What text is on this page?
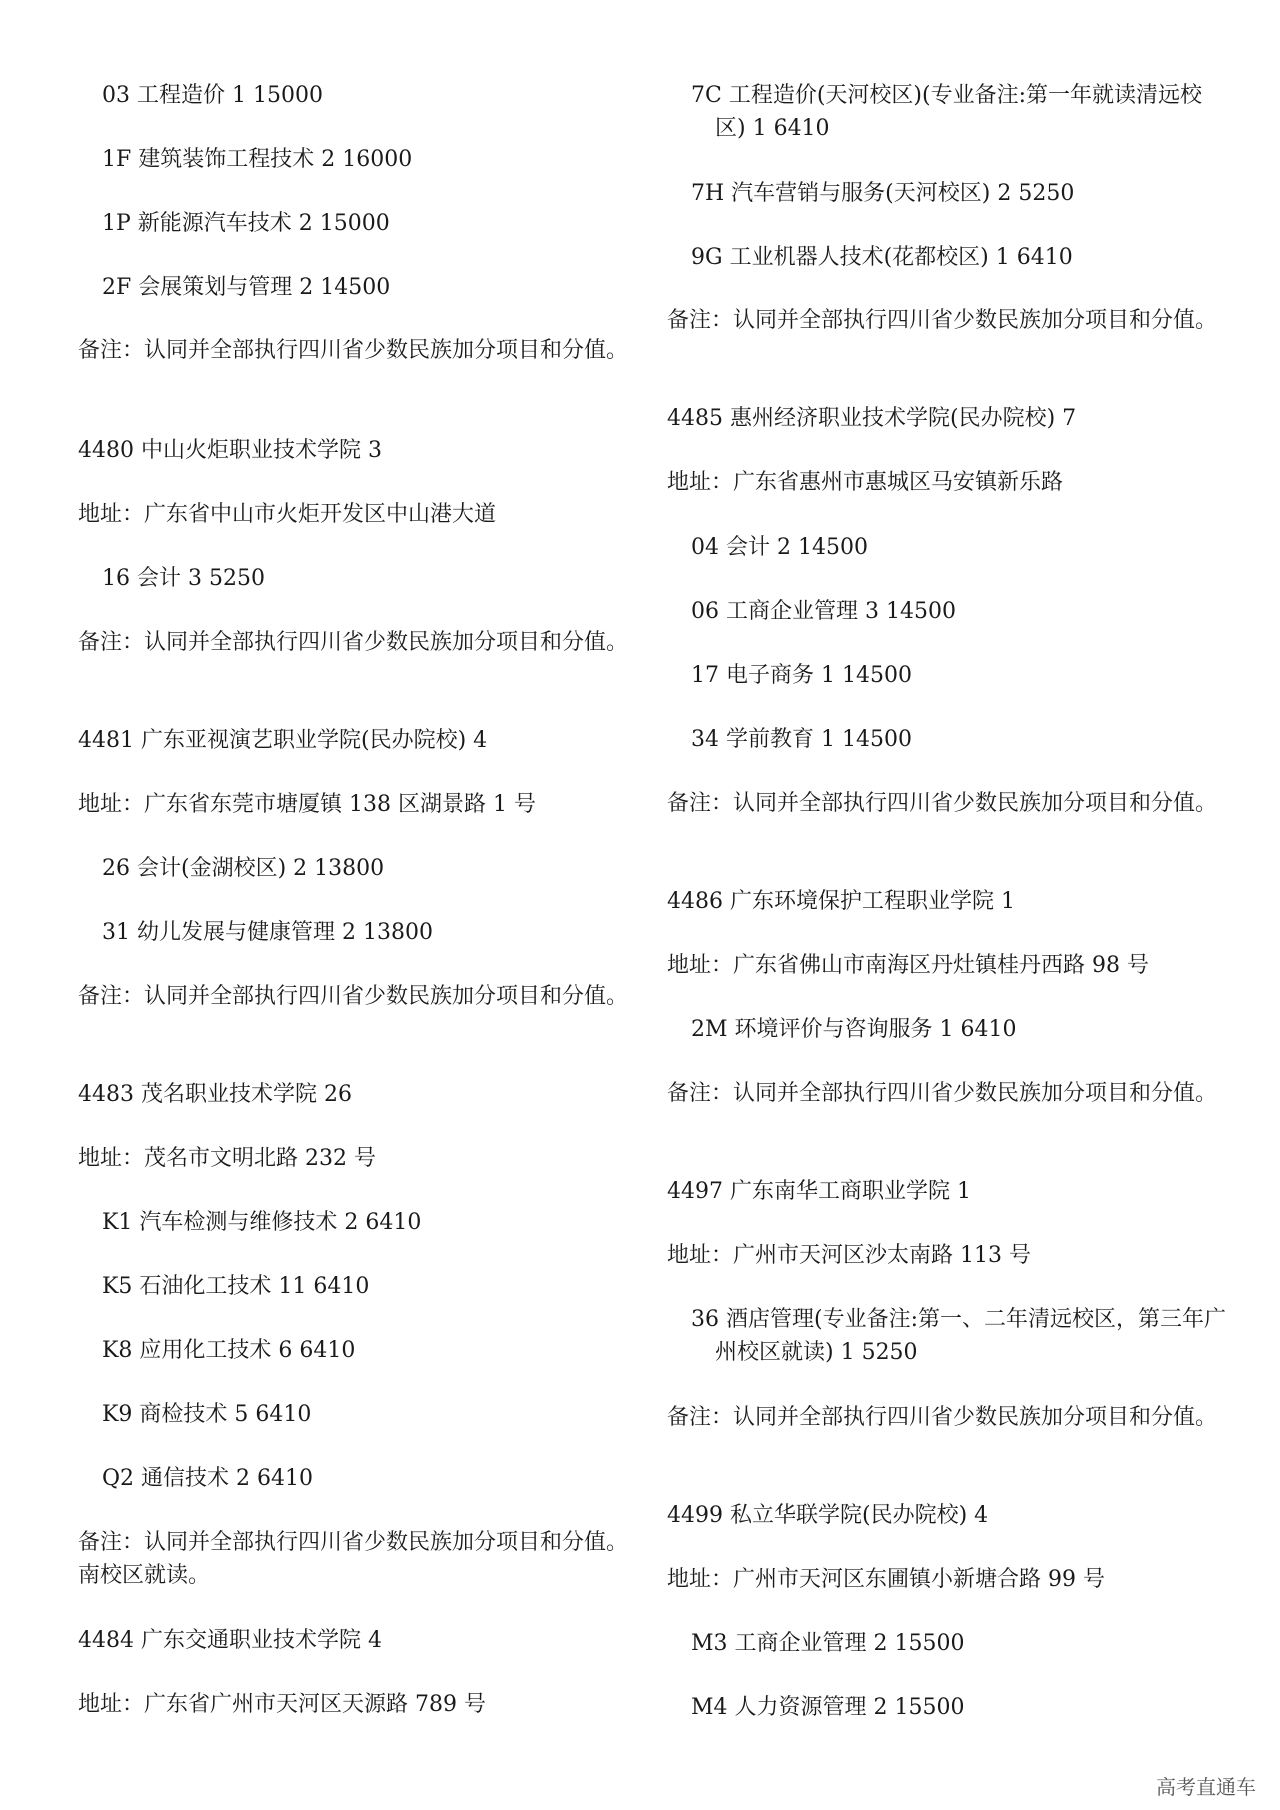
03 工程造价 1 15000
1F 建筑装饰工程技术 2 16000
1P 新能源汽车技术 2 15000
2F 会展策划与管理 2 14500
备注：认同并全部执行四川省少数民族加分项目和分值。
4480 中山火炬职业技术学院 3
地址：广东省中山市火炬开发区中山港大道
16 会计 3 5250
备注：认同并全部执行四川省少数民族加分项目和分值。
4481 广东亚视演艺职业学院(民办院校) 4
地址：广东省东莞市塘厦镇 138 区湖景路 1 号
26 会计(金湖校区) 2 13800
31 幼儿发展与健康管理 2 13800
备注：认同并全部执行四川省少数民族加分项目和分值。
4483 茂名职业技术学院 26
地址：茂名市文明北路 232 号
K1 汽车检测与维修技术 2 6410
K5 石油化工技术 11 6410
K8 应用化工技术 6 6410
K9 商检技术 5 6410
Q2 通信技术 2 6410
备注：认同并全部执行四川省少数民族加分项目和分值。南校区就读。
4484 广东交通职业技术学院 4
地址：广东省广州市天河区天源路 789 号
7C 工程造价(天河校区)(专业备注:第一年就读清远校区) 1 6410
7H 汽车营销与服务(天河校区) 2 5250
9G 工业机器人技术(花都校区) 1 6410
备注：认同并全部执行四川省少数民族加分项目和分值。
4485 惠州经济职业技术学院(民办院校) 7
地址：广东省惠州市惠城区马安镇新乐路
04 会计 2 14500
06 工商企业管理 3 14500
17 电子商务 1 14500
34 学前教育 1 14500
备注：认同并全部执行四川省少数民族加分项目和分值。
4486 广东环境保护工程职业学院 1
地址：广东省佛山市南海区丹灶镇桂丹西路 98 号
2M 环境评价与咨询服务 1 6410
备注：认同并全部执行四川省少数民族加分项目和分值。
4497 广东南华工商职业学院 1
地址：广州市天河区沙太南路 113 号
36 酒店管理(专业备注:第一、二年清远校区，第三年广州校区就读) 1 5250
备注：认同并全部执行四川省少数民族加分项目和分值。
4499 私立华联学院(民办院校) 4
地址：广州市天河区东圃镇小新塘合路 99 号
M3 工商企业管理 2 15500
M4 人力资源管理 2 15500
高考直通车
